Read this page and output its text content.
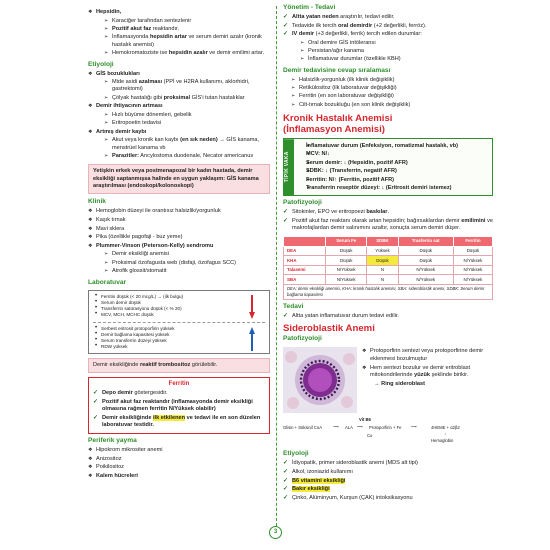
❖ Hepsidin,
➢ Karaciğer tarafından sentezlenir
➢ Pozitif akut faz reaktandır.
➢ İnflamasyonda hepsidin artar ve serum demiri azalır (kronik hastalık anemisi)
➢ Hemokromatoziste ise hepsidin azalır ve demir emilimi artar.
Etiyoloji
❖ GİS bozuklukları
➢ Mide asidi azalması (PPİ ve H2RA kullanımı, aklorhidri, gastrektomi)
➢ Çölyak hastalığı gibi proksimal GİS'i tutan hastalıklar
❖ Demir ihtiyacının artması
➢ Hızlı büyüme dönemleri, gebelik
➢ Eritropoetin tedavisi
❖ Artmış demir kaybı
➢ Akut veya kronik kan kaybı (en sık neden) → GİS kanama, menstrüel kanama vb
➢ Parazitler: Ancylostoma duodenale, Necator americanus
Yetişkin erkek veya postmenapozal bir kadın hastada, demir eksikliği saptanmışsa halinde en uygun yaklaşım: GİS kanama araştırılması (endoskopi/kolonoskopi)
Klinik
❖ Hemoglobin düzeyi ile orantısız halsizlik/yorgunluk
❖ Kaşık tırnak
❖ Mavi sklera
❖ Pika (özellikle pagofaji - buz yeme)
❖ Plummer-Vinson (Peterson-Kelly) sendromu
➢ Demir eksikliği anemisi
➢ Proksimal özofagusta web (disfaji, özofagus SCC)
➢ Atrofik glossit/stomatit
Laboratuvar
• Ferritin düşük (< 20 mcg/L) → (ilk bulgu)
• Serum demir düşük
• Transferrin satürasyonu düşük (< % 20)
• MCV, MCH, MCHC düşük
• Serbest eritrosit protoporfirin yüksek
• Demir bağlama kapasitesi yüksek
• Serum transferrin düzeyi yüksek
• RDW yüksek
Demir eksikliğinde reaktif trombositoz görülebilir.
Ferritin
✓ Depo demir göstergesidir.
✓ Pozitif akut faz reaktandır (inflamasyonda demir eksikliği olmasına rağmen ferritin N/Yüksek olabilir)
✓ Demir eksikliğinde ilk etkilenen ve tedavi ile en son düzelen laboratuvar testidir.
Periferik yayma
❖ Hipokrom mikrositer anemi
❖ Anizositoz
❖ Poikilositoz
❖ Kalem hücreleri
Yönetim - Tedavi
✓ Altta yatan neden araştırılır, tedavi edilir.
✓ Tedavide ilk tercih oral demirdir (+2 değerlikli, ferröz).
✓ IV demir (+3 değerlikli, ferrik) tercih edilen durumlar:
➢ Oral demire GİS intöleransı
➢ Persistan/ağır kanama
➢ İnflamatuvar durumlar (özellikle KBH)
Demir tedavisine cevap sıralaması
➢ Halsizlik-yorgunluk (ilk klinik değişiklik)
➢ Retikülositoz (ilk laboratuvar değişikliği)
➢ Ferritin (en son laboratuvar değişikliği)
➢ Cilt-tırnak bozukluğu (en son klinik değişiklik)
Kronik Hastalık Anemisi
(İnflamasyon Anemisi)
TİPİK VAKA
• İnflamatuvar durum (Enfeksiyon, romatizmal hastalık, vb)
• MCV: N/↓
• Serum demir: ↓ (Hepsidin, pozitif AFR)
• SDBK: ↓ (Transferrin, negatif AFR)
• Ferritin: N/↑ (Ferritin, pozitif AFR)
• Transferrin reseptör düzeyi: ↓ (Eritrosit demiri istemez)
Patofizyoloji
✓ Sitokinler, EPO ve eritropoezi baskılar.
✓ Pozitif akut faz reaktanı olarak artan hepsidin; bağırsaklardan demir emilimini ve makrofajlardan demir salınımını azaltır, sonuçta serum demiri düşer.
	Serum Fe	SDBK	Trasferrin sat	Ferritin
DEA	Düşük	Yüksek	Düşük	Düşük
KHA	Düşük	Düşük	Düşük	N/Yüksek
Talasemi	N/Yüksek	N	N/Yüksek	N/Yüksek
SBA	N/Yüksek	N	N/Yüksek	N/Yüksek
DEA: demir eksikliği anemisi, KHA: kronik hastalık anemisi, SBA: sideroblastik anemi, SDBK: Serum demir bağlama kapasitesi
Tedavi
✓ Altta yatan inflamatuvar durum tedavi edilir.
Sideroblastik Anemi
Patofizyoloji
❖ Protoporfirin sentezi veya protoporfirine demir eklenmesi bozulmuştur
❖ Hem sentezi bozulur ve demir eritroblast mitokondrilerinde yüzük şeklinde birikir.
→ Ring sideroblast
Vit B6
Glisin + Süksinil CoA	⟶ ALA ⟶ Protoporfirin + Fe ⟶	4HEME + α2β2
Cu	↓
Hemoglobin
Etiyoloji
✓ İdiyopatik, primer sideroblastik anemi (MDS alt tipi)
✓ Alkol, izoniazid kullanımı
✓ B6 vitamini eksikliği
✓ Bakır eksikliği
✓ Çinko, Alüminyum, Kurşun (ÇAK) intoksikasyonu
3
